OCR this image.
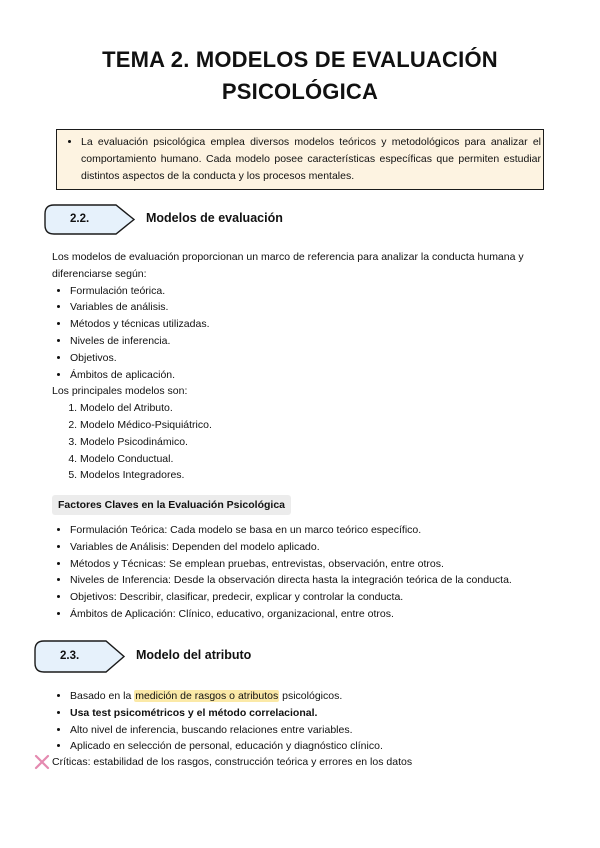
TEMA 2. MODELOS DE EVALUACIÓN
PSICOLÓGICA
• La evaluación psicológica emplea diversos modelos teóricos y metodológicos para analizar el comportamiento humano. Cada modelo posee características específicas que permiten estudiar distintos aspectos de la conducta y los procesos mentales.
2.2.	Modelos de evaluación
Los modelos de evaluación proporcionan un marco de referencia para analizar la conducta humana y diferenciarse según:
• Formulación teórica.
• Variables de análisis.
• Métodos y técnicas utilizadas.
• Niveles de inferencia.
• Objetivos.
• Ámbitos de aplicación.
Los principales modelos son:
1. Modelo del Atributo.
2. Modelo Médico-Psiquiátrico.
3. Modelo Psicodinámico.
4. Modelo Conductual.
5. Modelos Integradores.
Factores Claves en la Evaluación Psicológica
• Formulación Teórica: Cada modelo se basa en un marco teórico específico.
• Variables de Análisis: Dependen del modelo aplicado.
• Métodos y Técnicas: Se emplean pruebas, entrevistas, observación, entre otros.
• Niveles de Inferencia: Desde la observación directa hasta la integración teórica de la conducta.
• Objetivos: Describir, clasificar, predecir, explicar y controlar la conducta.
• Ámbitos de Aplicación: Clínico, educativo, organizacional, entre otros.
2.3.	Modelo del atributo
• Basado en la medición de rasgos o atributos psicológicos.
• Usa test psicométricos y el método correlacional.
• Alto nivel de inferencia, buscando relaciones entre variables.
• Aplicado en selección de personal, educación y diagnóstico clínico.
Críticas: estabilidad de los rasgos, construcción teórica y errores en los datos
